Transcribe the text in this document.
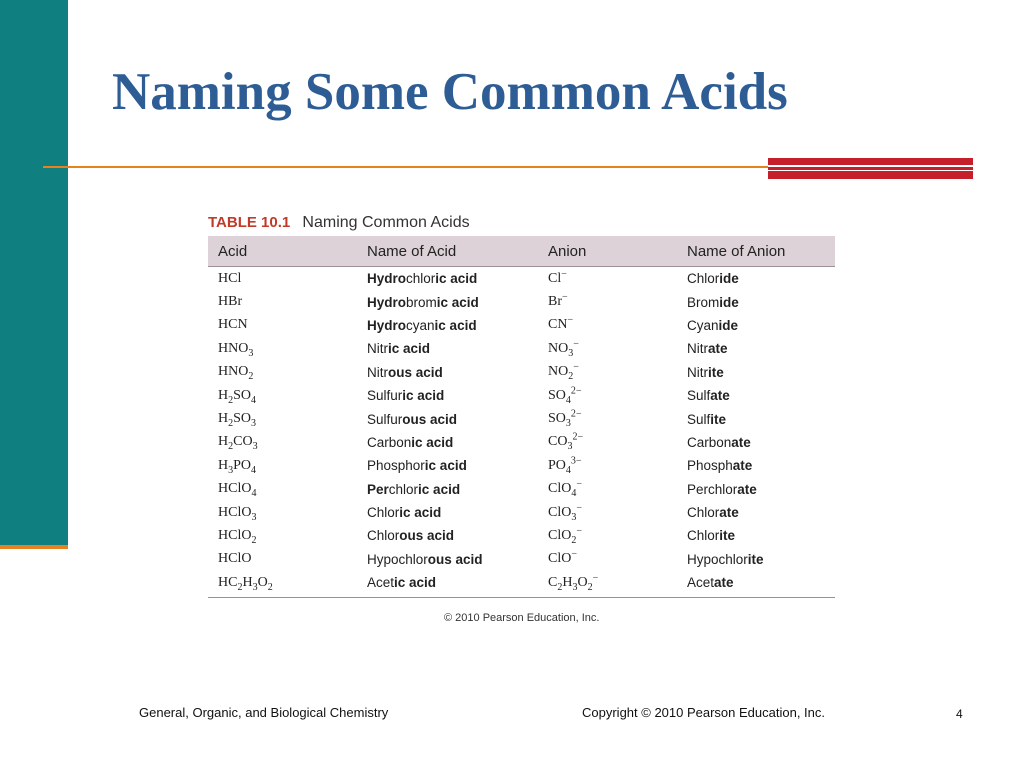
Naming Some Common Acids
TABLE 10.1 Naming Common Acids
Acid	Name of Acid	Anion	Name of Anion
HCl	Hydrochloric acid	Cl−	Chloride
HBr	Hydrobromic acid	Br−	Bromide
HCN	Hydrocyanic acid	CN−	Cyanide
$HNO_3$	Nitric acid	$NO_3^-$	Nitrate
$HNO_2$	Nitrous acid	$NO_2^-$	Nitrite
$H_2SO_4$	Sulfuric acid	$SO_4^{2-}$	Sulfate
$H_2SO_3$	Sulfurous acid	$SO_3^{2-}$	Sulfite
$H_2CO_3$	Carbonic acid	$CO_3^{2-}$	Carbonate
$H_3PO_4$	Phosphoric acid	$PO_4^{3-}$	Phosphate
HClO$_4$	Perchloric acid	ClO$_4$−	Perchlorate
HClO$_3$	Chloric acid	ClO$_3$−	Chlorate
HClO$_2$	Chlorous acid	ClO$_2$−	Chlorite
HClO	Hypochlorous acid	ClO−	Hypochlorite
$HC_2H_3O_2$	Acetic acid	$C_2H_3O_2^-$	Acetate
© 2010 Pearson Education, Inc.
General, Organic, and Biological Chemistry	Copyright © 2010 Pearson Education, Inc.	4
